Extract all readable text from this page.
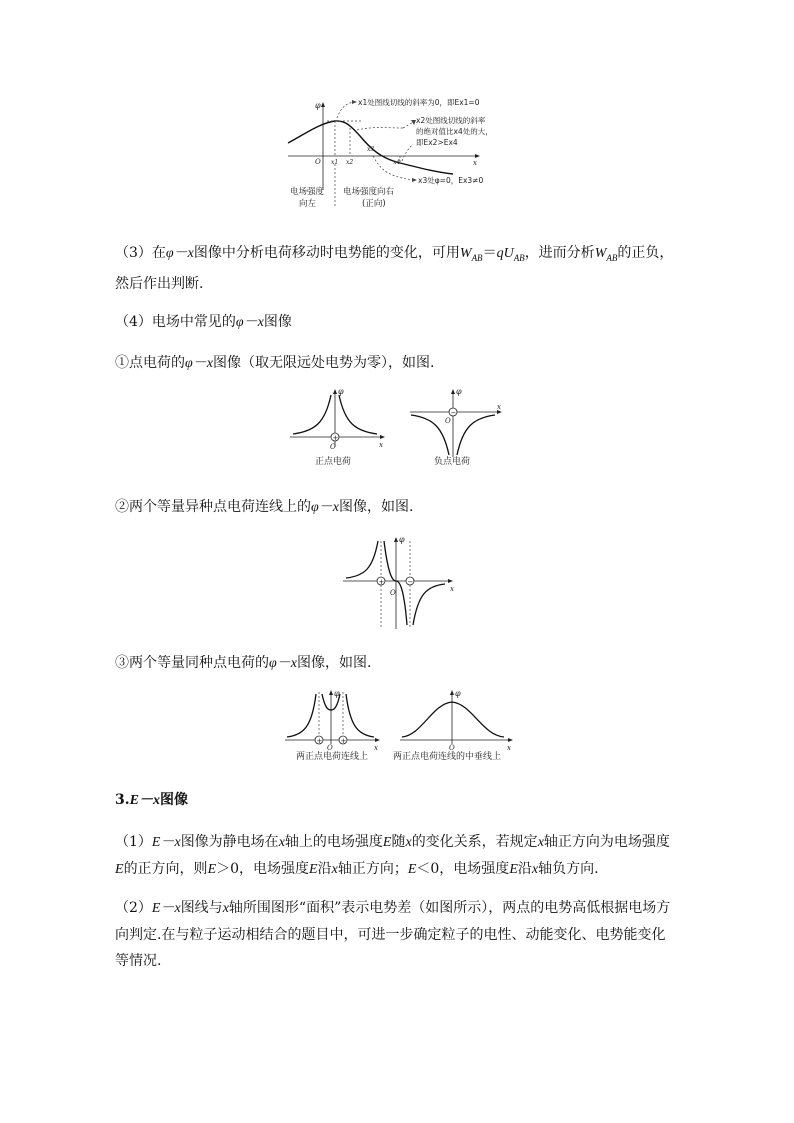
φ
x
O x1 x2
x3
x4
x1处图线切线的斜率为0，即Ex1=0
x2处图线切线的斜率
的绝对值比x4处的大，
即Ex2>Ex4
x3处φ=0，Ex3≠0
电场强度
向左
电场强度向右
(正向)

（3）在φ－x图像中分析电荷移动时电势能的变化，可用$W_{AB}=qU_{AB}$，进而分析$W_{AB}$的正负，然后作出判断.

（4）电场中常见的φ－x图像

①点电荷的φ－x图像（取无限远处电势为零），如图.

+
φ
x
O
正点电荷
−
φ
x
O
负点电荷

②两个等量异种点电荷连线上的φ－x图像，如图.

+	−
φ
x
O

③两个等量同种点电荷的φ－x图像，如图.

+	+
φ
x
O
两正点电荷连线上
φ
x
O
两正点电荷连线的中垂线上

3.E－x图像

（1）E－x图像为静电场在x轴上的电场强度E随x的变化关系，若规定x轴正方向为电场强度E的正方向，则E＞0，电场强度E沿x轴正方向；E＜0，电场强度E沿x轴负方向.

（2）E－x图线与x轴所围图形“面积”表示电势差（如图所示），两点的电势高低根据电场方向判定.在与粒子运动相结合的题目中，可进一步确定粒子的电性、动能变化、电势能变化等情况.
